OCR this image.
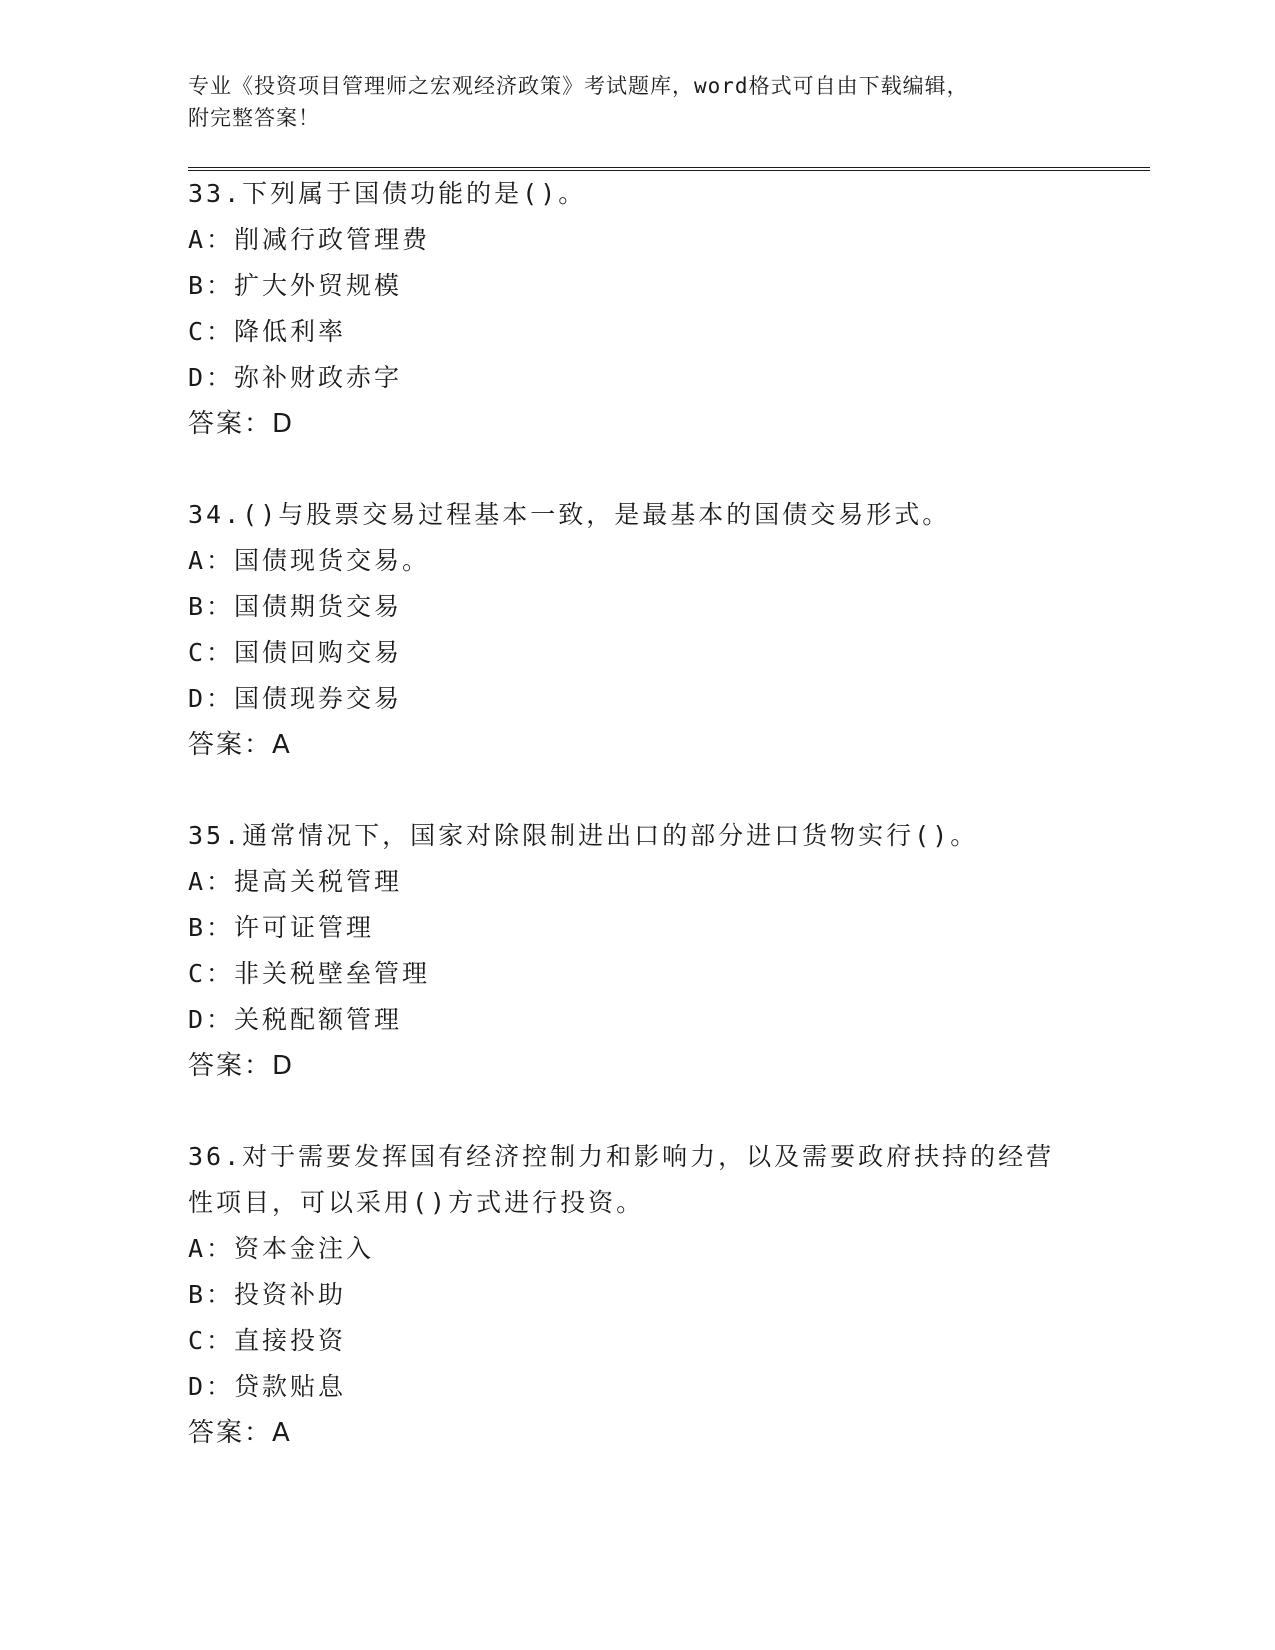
专业《投资项目管理师之宏观经济政策》考试题库，word格式可自由下载编辑，
附完整答案！

33.下列属于国债功能的是()。

A：削减行政管理费

B：扩大外贸规模

C：降低利率

D：弥补财政赤字

答案：D

34.()与股票交易过程基本一致，是最基本的国债交易形式。

A：国债现货交易。

B：国债期货交易

C：国债回购交易

D：国债现券交易

答案：A

35.通常情况下，国家对除限制进出口的部分进口货物实行()。

A：提高关税管理

B：许可证管理

C：非关税壁垒管理

D：关税配额管理

答案：D

36.对于需要发挥国有经济控制力和影响力，以及需要政府扶持的经营

性项目，可以采用()方式进行投资。

A：资本金注入

B：投资补助

C：直接投资

D：贷款贴息

答案：A
